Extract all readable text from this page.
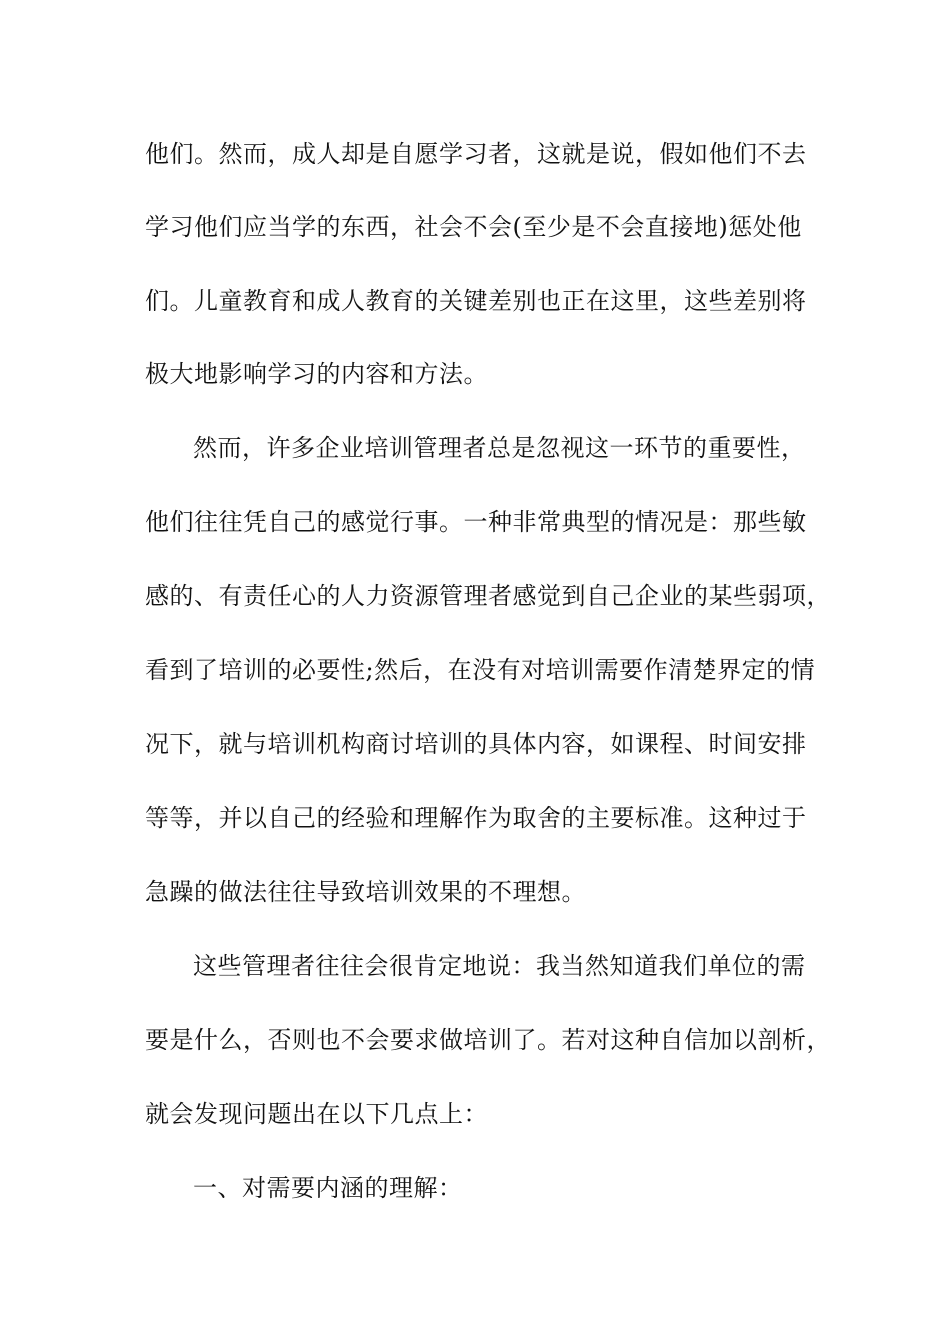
他们。然而，成人却是自愿学习者，这就是说，假如他们不去
学习他们应当学的东西，社会不会(至少是不会直接地)惩处他
们。儿童教育和成人教育的关键差别也正在这里，这些差别将
极大地影响学习的内容和方法。
然而，许多企业培训管理者总是忽视这一环节的重要性，
他们往往凭自己的感觉行事。一种非常典型的情况是：那些敏
感的、有责任心的人力资源管理者感觉到自己企业的某些弱项，
看到了培训的必要性;然后，在没有对培训需要作清楚界定的情
况下，就与培训机构商讨培训的具体内容，如课程、时间安排
等等，并以自己的经验和理解作为取舍的主要标准。这种过于
急躁的做法往往导致培训效果的不理想。
这些管理者往往会很肯定地说：我当然知道我们单位的需
要是什么，否则也不会要求做培训了。若对这种自信加以剖析，
就会发现问题出在以下几点上：
一、对需要内涵的理解：
